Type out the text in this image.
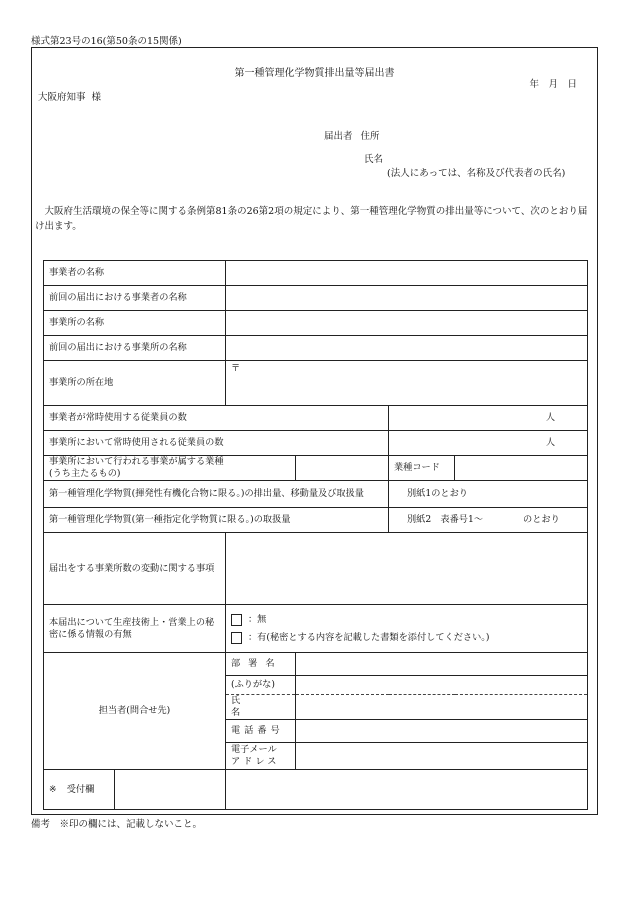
様式第23号の16(第50条の15関係)
第一種管理化学物質排出量等届出書
年　月　日
大阪府知事 様
届出者 住所
氏名
(法人にあっては、名称及び代表者の氏名)
大阪府生活環境の保全等に関する条例第81条の26第2項の規定により、第一種管理化学物質の排出量等について、次のとおり届け出ます。
事業者の名称					
前回の届出における事業者の名称					
事業所の名称					
前回の届出における事業所の名称					
事業所の所在地		〒			
事業者が常時使用する従業員の数				人	
事業所において常時使用される従業員の数				人	
事業所において行われる事業が属する業種
(うち主たるもの)				業種コード	
第一種管理化学物質(揮発性有機化合物に限る。)の排出量、移動量及び取扱量				別紙1のとおり	
第一種管理化学物質(第一種指定化学物質に限る。)の取扱量				別紙2　表番号1〜 のとおり	
届出をする事業所数の変動に関する事項					
本届出について生産技術上・営業上の秘密に係る情報の有無		：無
：有(秘密とする内容を記載した書類を添付してください。)			

担当者(問合せ先)		部署名			
		(ふりがな)			
		氏名			
		電話番号			

		電子メール
アドレス			

※ 受付欄					
備考　※印の欄には、記載しないこと。
